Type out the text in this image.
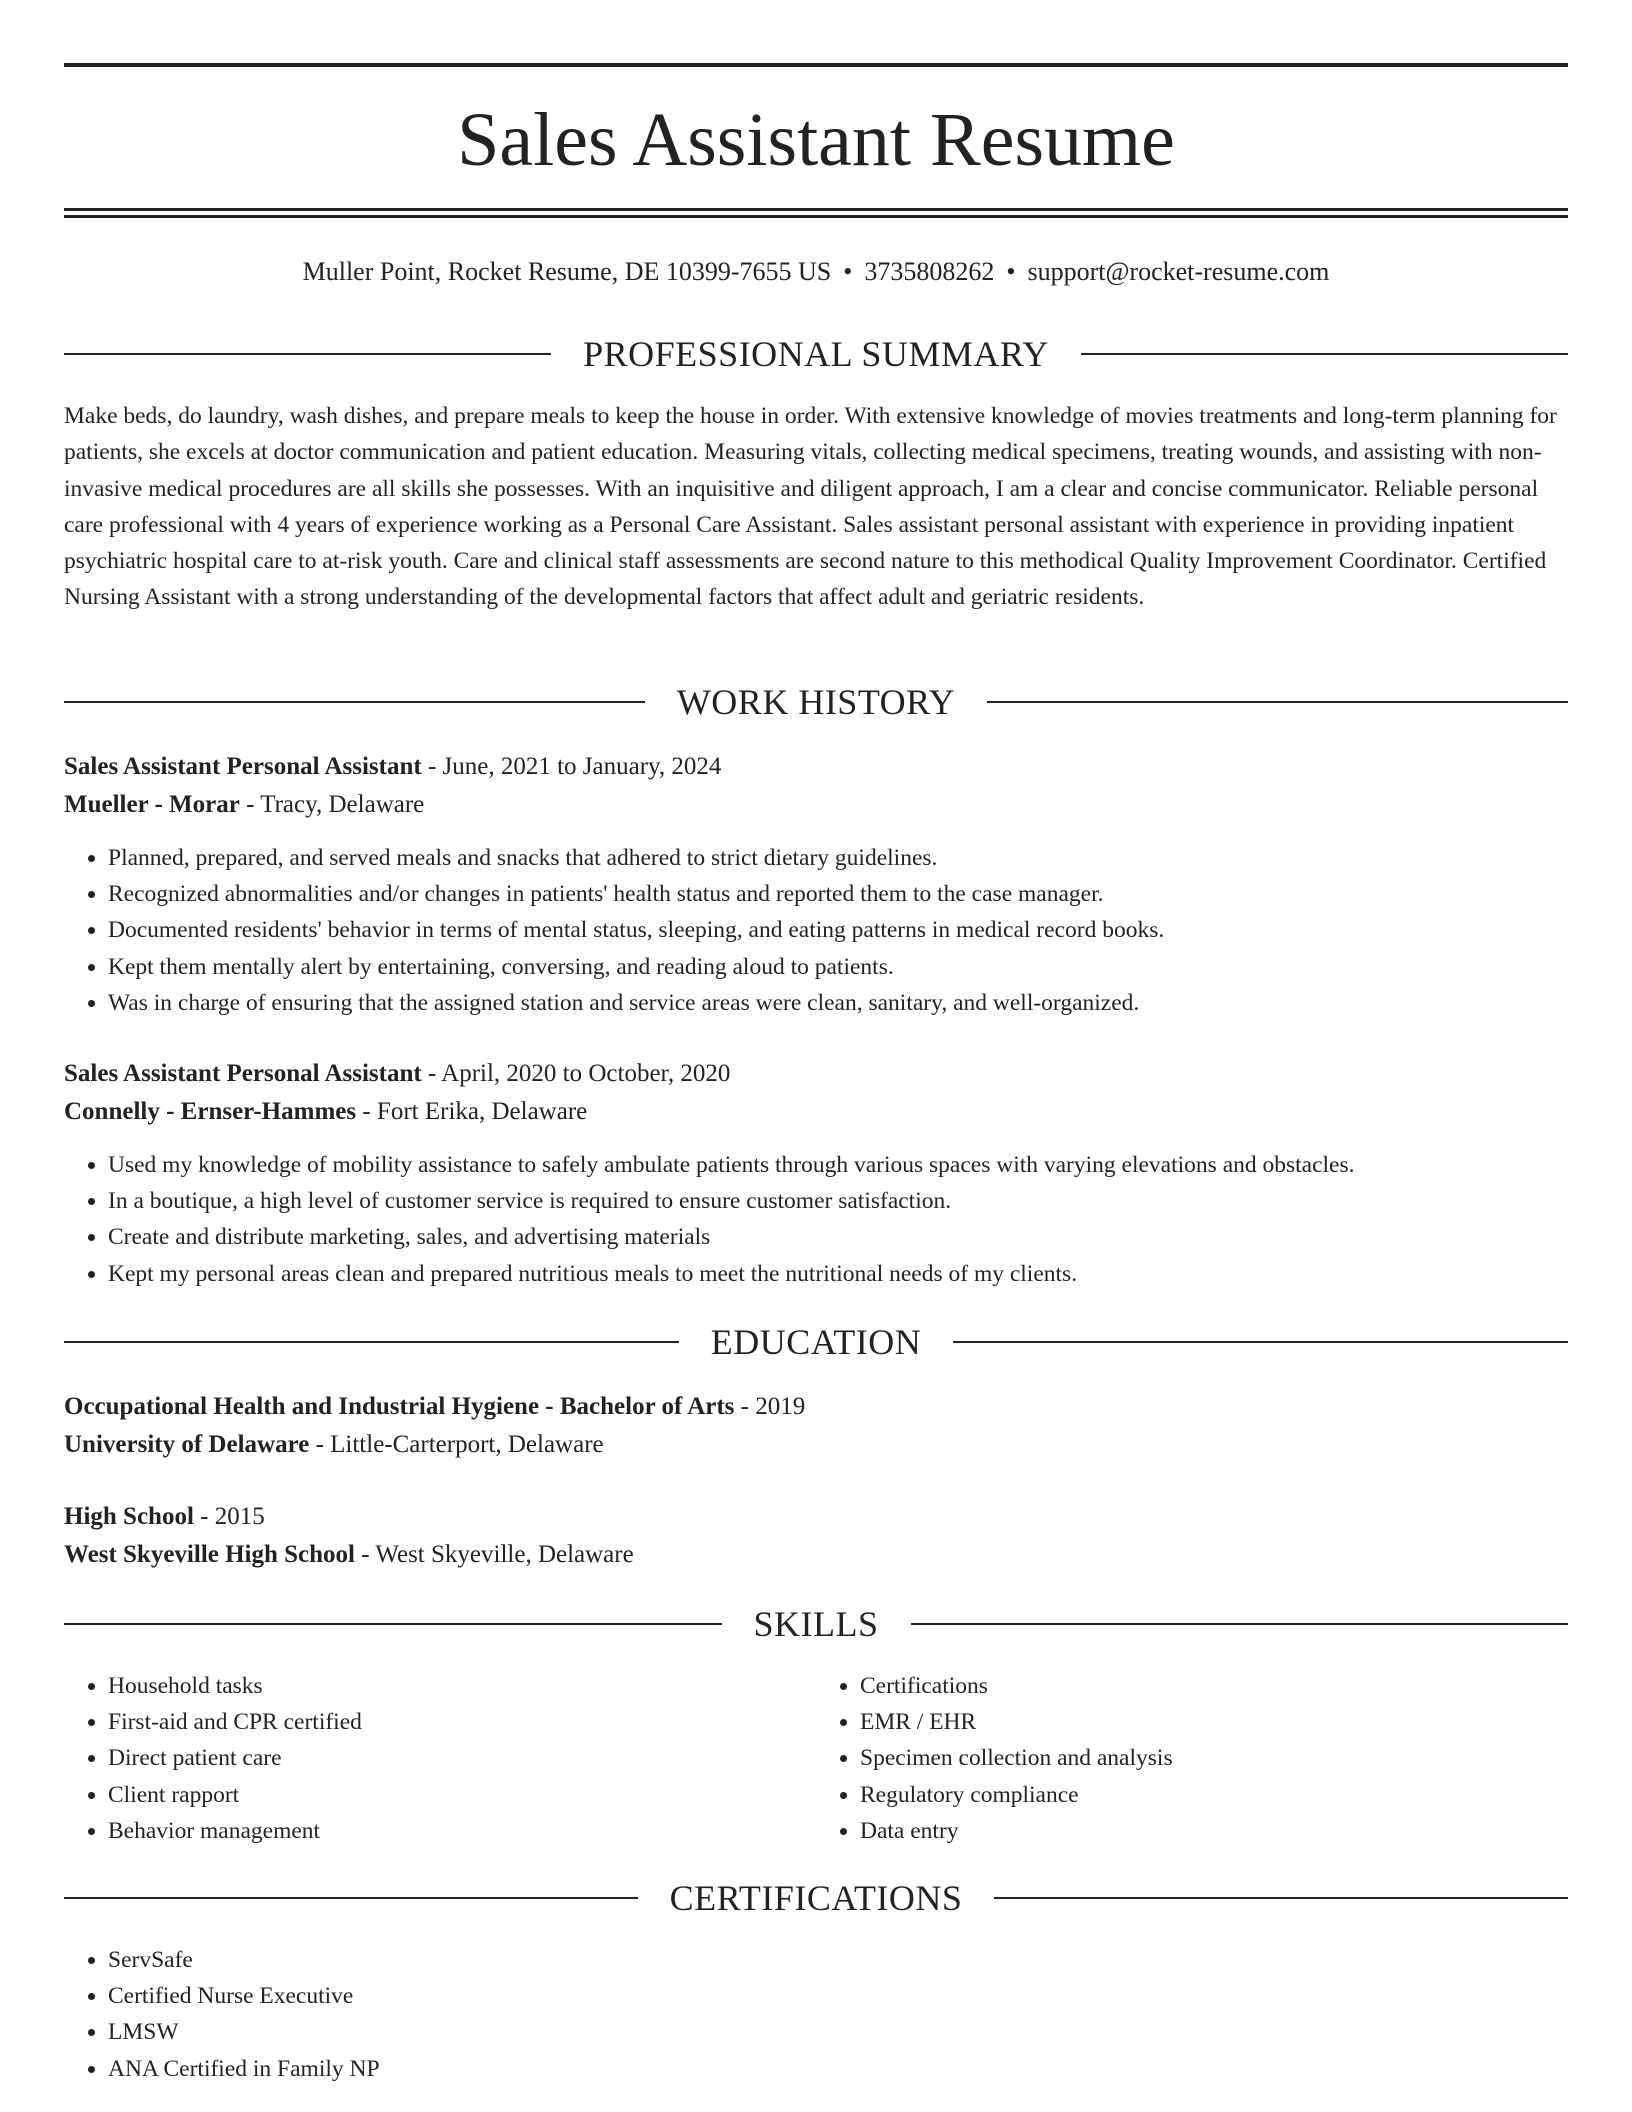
Sales Assistant Resume
Muller Point, Rocket Resume, DE 10399-7655 US • 3735808262 • support@rocket-resume.com
PROFESSIONAL SUMMARY

Make beds, do laundry, wash dishes, and prepare meals to keep the house in order. With extensive knowledge of movies treatments and long-term planning for patients, she excels at doctor communication and patient education. Measuring vitals, collecting medical specimens, treating wounds, and assisting with non-invasive medical procedures are all skills she possesses. With an inquisitive and diligent approach, I am a clear and concise communicator. Reliable personal care professional with 4 years of experience working as a Personal Care Assistant. Sales assistant personal assistant with experience in providing inpatient psychiatric hospital care to at-risk youth. Care and clinical staff assessments are second nature to this methodical Quality Improvement Coordinator. Certified Nursing Assistant with a strong understanding of the developmental factors that affect adult and geriatric residents.

WORK HISTORY
Sales Assistant Personal Assistant - June, 2021 to January, 2024
Mueller - Morar - Tracy, Delaware
• Planned, prepared, and served meals and snacks that adhered to strict dietary guidelines.
• Recognized abnormalities and/or changes in patients' health status and reported them to the case manager.
• Documented residents' behavior in terms of mental status, sleeping, and eating patterns in medical record books.
• Kept them mentally alert by entertaining, conversing, and reading aloud to patients.
• Was in charge of ensuring that the assigned station and service areas were clean, sanitary, and well-organized.
Sales Assistant Personal Assistant - April, 2020 to October, 2020
Connelly - Ernser-Hammes - Fort Erika, Delaware
• Used my knowledge of mobility assistance to safely ambulate patients through various spaces with varying elevations and obstacles.
• In a boutique, a high level of customer service is required to ensure customer satisfaction.
• Create and distribute marketing, sales, and advertising materials
• Kept my personal areas clean and prepared nutritious meals to meet the nutritional needs of my clients.
EDUCATION
Occupational Health and Industrial Hygiene - Bachelor of Arts - 2019
University of Delaware - Little-Carterport, Delaware
High School - 2015
West Skyeville High School - West Skyeville, Delaware
SKILLS
• Household tasks
• First-aid and CPR certified
• Direct patient care
• Client rapport
• Behavior management
• Certifications
• EMR / EHR
• Specimen collection and analysis
• Regulatory compliance
• Data entry
CERTIFICATIONS
• ServSafe
• Certified Nurse Executive
• LMSW
• ANA Certified in Family NP
